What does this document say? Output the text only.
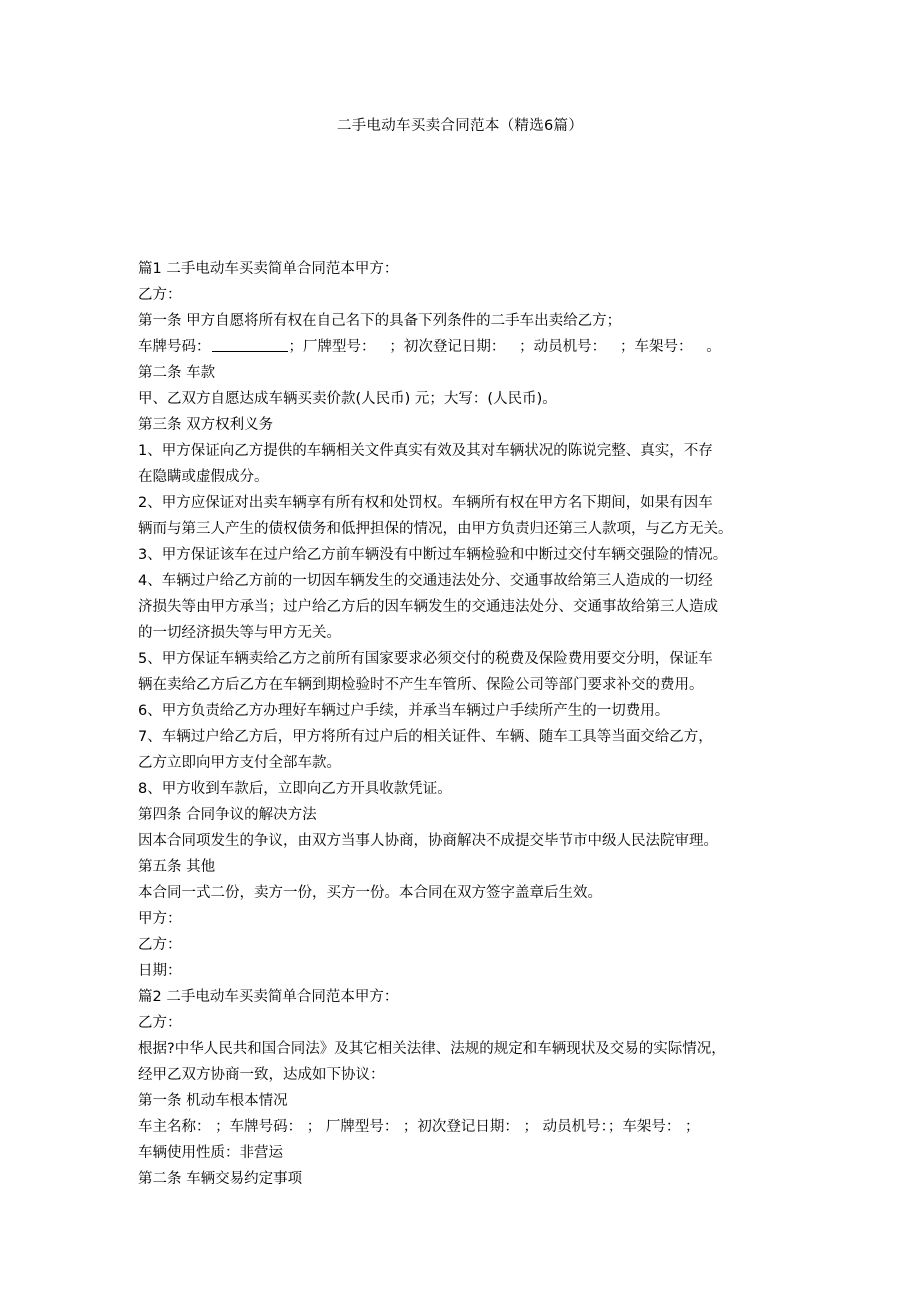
二手电动车买卖合同范本（精选6篇）
篇1 二手电动车买卖简单合同范本甲方：
乙方：
第一条 甲方自愿将所有权在自己名下的具备下列条件的二手车出卖给乙方；
车牌号码：	；厂牌型号：   ；初次登记日期：   ；动员机号：   ；车架号：   。
第二条 车款
甲、乙双方自愿达成车辆买卖价款(人民币) 元；大写：(人民币)。
第三条 双方权利义务
1、甲方保证向乙方提供的车辆相关文件真实有效及其对车辆状况的陈说完整、真实，不存
在隐瞒或虚假成分。
2、甲方应保证对出卖车辆享有所有权和处罚权。车辆所有权在甲方名下期间，如果有因车
辆而与第三人产生的债权债务和低押担保的情况，由甲方负责归还第三人款项，与乙方无关。
3、甲方保证该车在过户给乙方前车辆没有中断过车辆检验和中断过交付车辆交强险的情况。
4、车辆过户给乙方前的一切因车辆发生的交通违法处分、交通事故给第三人造成的一切经
济损失等由甲方承当；过户给乙方后的因车辆发生的交通违法处分、交通事故给第三人造成
的一切经济损失等与甲方无关。
5、甲方保证车辆卖给乙方之前所有国家要求必须交付的税费及保险费用要交分明，保证车
辆在卖给乙方后乙方在车辆到期检验时不产生车管所、保险公司等部门要求补交的费用。
6、甲方负责给乙方办理好车辆过户手续，并承当车辆过户手续所产生的一切费用。
7、车辆过户给乙方后，甲方将所有过户后的相关证件、车辆、随车工具等当面交给乙方，
乙方立即向甲方支付全部车款。
8、甲方收到车款后，立即向乙方开具收款凭证。
第四条 合同争议的解决方法
因本合同项发生的争议，由双方当事人协商，协商解决不成提交毕节市中级人民法院审理。
第五条 其他
本合同一式二份，卖方一份，买方一份。本合同在双方签字盖章后生效。
甲方：
乙方：
日期：
篇2 二手电动车买卖简单合同范本甲方：
乙方：
根据?中华人民共和国合同法》及其它相关法律、法规的规定和车辆现状及交易的实际情况，
经甲乙双方协商一致，达成如下协议：
第一条 机动车根本情况
车主名称： ；车牌号码： ； 厂牌型号： ；初次登记日期： ； 动员机号：；车架号： ；
车辆使用性质：非营运
第二条 车辆交易约定事项
